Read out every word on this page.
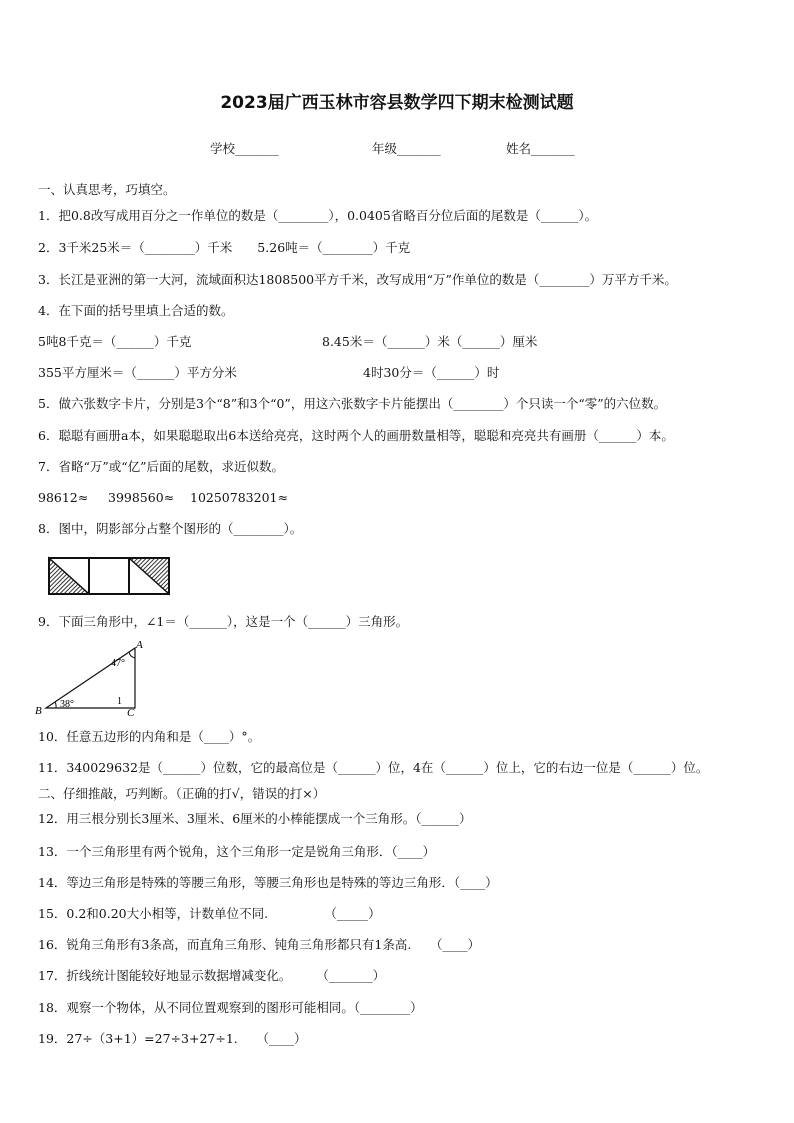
2023届广西玉林市容县数学四下期末检测试题
学校_______	年级_______	姓名_______
一、认真思考，巧填空。
1．把0.8改写成用百分之一作单位的数是（________），0.0405省略百分位后面的尾数是（______）。
2．3千米25米＝（________）千米　　5.26吨＝（________）千克
3．长江是亚洲的第一大河，流域面积达1808500平方千米，改写成用“万”作单位的数是（________）万平方千米。
4．在下面的括号里填上合适的数。
5吨8千克＝（______）千克	8.45米＝（______）米（______）厘米
355平方厘米＝（______）平方分米	4时30分＝（______）时
5．做六张数字卡片，分别是3个“8”和3个“0”，用这六张数字卡片能摆出（________）个只读一个“零”的六位数。
6．聪聪有画册a本，如果聪聪取出6本送给亮亮，这时两个人的画册数量相等，聪聪和亮亮共有画册（______）本。
7．省略“万”或“亿”后面的尾数，求近似数。
98612≈ 3998560≈ 10250783201≈
8．图中，阴影部分占整个图形的（________）。
9．下面三角形中，∠1＝（______），这是一个（______）三角形。
A
B	C
47°
38°	1
10．任意五边形的内角和是（____）°。
11．340029632是（______）位数，它的最高位是（______）位，4在（______）位上，它的右边一位是（______）位。
二、仔细推敲，巧判断。（正确的打√，错误的打×）
12．用三根分别长3厘米、3厘米、6厘米的小棒能摆成一个三角形。（______）
13．一个三角形里有两个锐角，这个三角形一定是锐角三角形．（____）
14．等边三角形是特殊的等腰三角形，等腰三角形也是特殊的等边三角形．（____）
15．0.2和0.20大小相等，计数单位不同.　　　　　（_____）
16．锐角三角形有3条高，而直角三角形、钝角三角形都只有1条高.　　（____）
17．折线统计图能较好地显示数据增减变化。　　　（_______）
18．观察一个物体，从不同位置观察到的图形可能相同。（________）
19．27÷（3+1）=27÷3+27÷1.　　（____）
